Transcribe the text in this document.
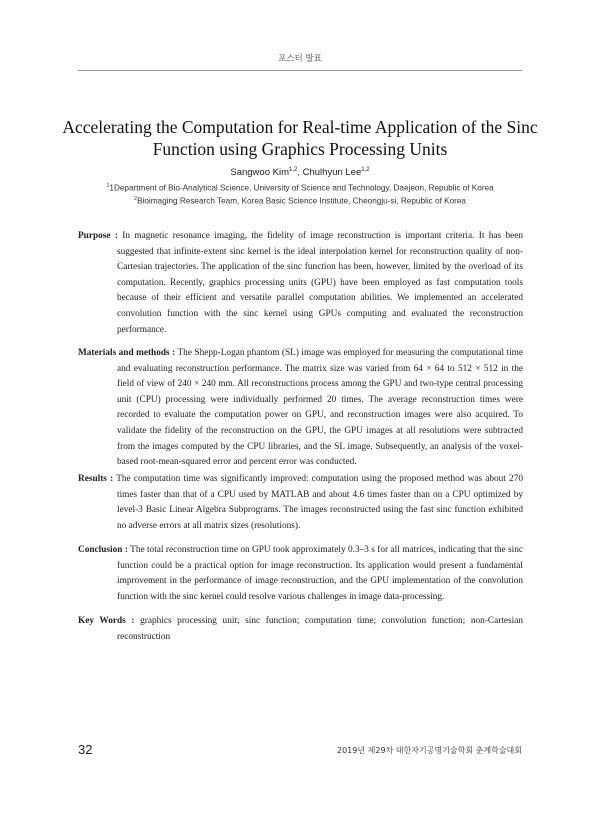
포스터 발표
Accelerating the Computation for Real-time Application of the Sinc Function using Graphics Processing Units
Sangwoo Kim$^{1,2}$, Chulhyun Lee$^{1,2}$
$^1$1Department of Bio-Analytical Science, University of Science and Technology, Daejeon, Republic of Korea
$^2$Bioimaging Research Team, Korea Basic Science Institute, Cheongju-si, Republic of Korea
Purpose : In magnetic resonance imaging, the fidelity of image reconstruction is important criteria. It has been suggested that infinite-extent sinc kernel is the ideal interpolation kernel for reconstruction quality of non-Cartesian trajectories. The application of the sinc function has been, however, limited by the overload of its computation. Recently, graphics processing units (GPU) have been employed as fast computation tools because of their efficient and versatile parallel computation abilities. We implemented an accelerated convolution function with the sinc kernel using GPUs computing and evaluated the reconstruction performance.
Materials and methods : The Shepp-Logan phantom (SL) image was employed for measuring the computational time and evaluating reconstruction performance. The matrix size was varied from 64 × 64 to 512 × 512 in the field of view of 240 × 240 mm. All reconstructions process among the GPU and two-type central processing unit (CPU) processing were individually performed 20 times. The average reconstruction times were recorded to evaluate the computation power on GPU, and reconstruction images were also acquired. To validate the fidelity of the reconstruction on the GPU, the GPU images at all resolutions were subtracted from the images computed by the CPU libraries, and the SL image. Subsequently, an analysis of the voxel-based root-mean-squared error and percent error was conducted.
Results : The computation time was significantly improved: computation using the proposed method was about 270 times faster than that of a CPU used by MATLAB and about 4.6 times faster than on a CPU optimized by level-3 Basic Linear Algebra Subprograms. The images reconstructed using the fast sinc function exhibited no adverse errors at all matrix sizes (resolutions).
Conclusion : The total reconstruction time on GPU took approximately 0.3–3 s for all matrices, indicating that the sinc function could be a practical option for image reconstruction. Its application would present a fundamental improvement in the performance of image reconstruction, and the GPU implementation of the convolution function with the sinc kernel could resolve various challenges in image data-processing.
Key Words : graphics processing unit; sinc function; computation time; convolution function; non-Cartesian reconstruction
32	2019년 제29차 대한자기공명기술학회 춘계학술대회
